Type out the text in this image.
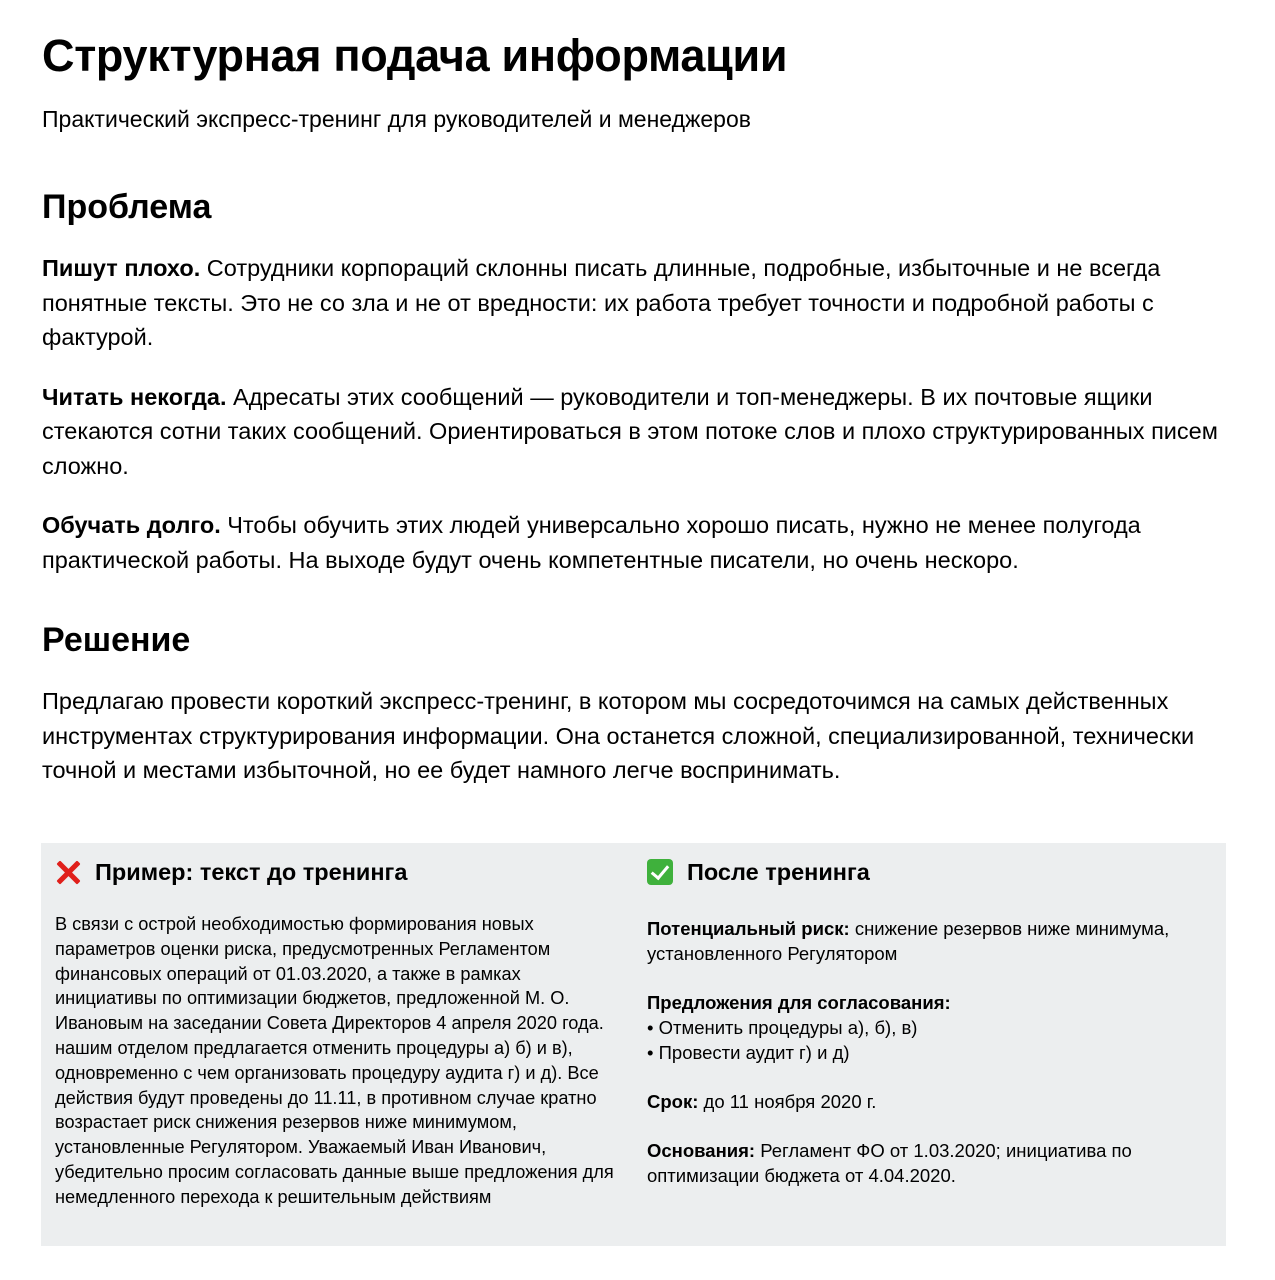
Структурная подача информации

Практический экспресс-тренинг для руководителей и менеджеров

Проблема

Пишут плохо. Сотрудники корпораций склонны писать длинные, подробные, избыточные и не всегда понятные тексты. Это не со зла и не от вредности: их работа требует точности и подробной работы с фактурой.

Читать некогда. Адресаты этих сообщений — руководители и топ-менеджеры. В их почтовые ящики стекаются сотни таких сообщений. Ориентироваться в этом потоке слов и плохо структурированных писем сложно.

Обучать долго. Чтобы обучить этих людей универсально хорошо писать, нужно не менее полугода практической работы. На выходе будут очень компетентные писатели, но очень нескоро.

Решение

Предлагаю провести короткий экспресс-тренинг, в котором мы сосредоточимся на самых действенных инструментах структурирования информации. Она останется сложной, специализированной, технически точной и местами избыточной, но ее будет намного легче воспринимать.

Пример: текст до тренинга
В связи с острой необходимостью формирования новых параметров оценки риска, предусмотренных Регламентом финансовых операций от 01.03.2020, а также в рамках инициативы по оптимизации бюджетов, предложенной М. О. Ивановым на заседании Совета Директоров 4 апреля 2020 года. нашим отделом предлагается отменить процедуры а) б) и в), одновременно с чем организовать процедуру аудита г) и д). Все действия будут проведены до 11.11, в противном случае кратно возрастает риск снижения резервов ниже минимумом, установленные Регулятором. Уважаемый Иван Иванович, убедительно просим согласовать данные выше предложения для немедленного перехода к решительным действиям
После тренинга
Потенциальный риск: снижение резервов ниже минимума, установленного Регулятором
Предложения для согласования:
• Отменить процедуры а), б), в)
• Провести аудит г) и д)
Срок: до 11 ноября 2020 г.
Основания: Регламент ФО от 1.03.2020; инициатива по оптимизации бюджета от 4.04.2020.
